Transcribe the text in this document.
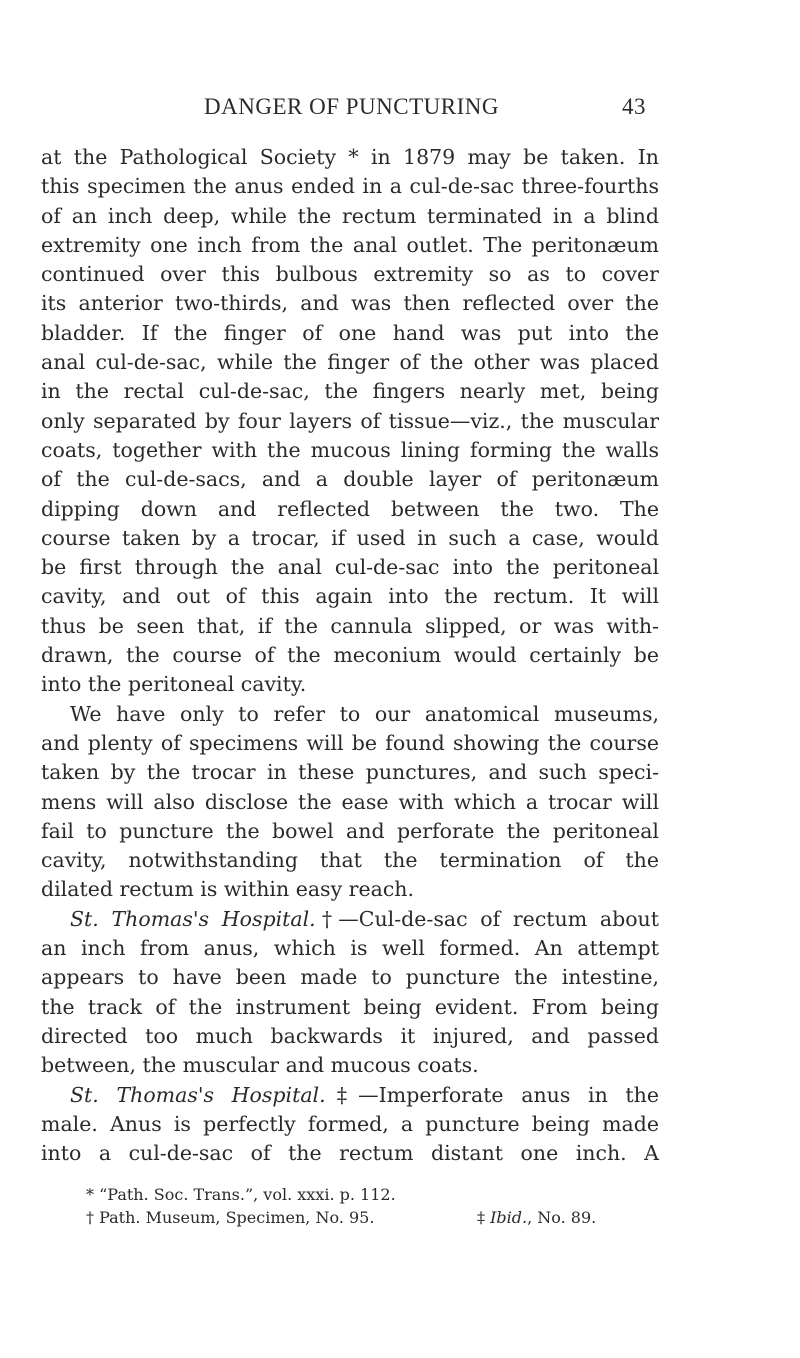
DANGER OF PUNCTURING	43
at the Pathological Society * in 1879 may be taken. In
this specimen the anus ended in a cul-de-sac three-fourths
of an inch deep, while the rectum terminated in a blind
extremity one inch from the anal outlet. The peritonæum
continued over this bulbous extremity so as to cover
its anterior two-thirds, and was then reflected over the
bladder. If the finger of one hand was put into the
anal cul-de-sac, while the finger of the other was placed
in the rectal cul-de-sac, the fingers nearly met, being
only separated by four layers of tissue—viz., the muscular
coats, together with the mucous lining forming the walls
of the cul-de-sacs, and a double layer of peritonæum
dipping down and reflected between the two. The
course taken by a trocar, if used in such a case, would
be first through the anal cul-de-sac into the peritoneal
cavity, and out of this again into the rectum. It will
thus be seen that, if the cannula slipped, or was with-
drawn, the course of the meconium would certainly be
into the peritoneal cavity.
We have only to refer to our anatomical museums,
and plenty of specimens will be found showing the course
taken by the trocar in these punctures, and such speci-
mens will also disclose the ease with which a trocar will
fail to puncture the bowel and perforate the peritoneal
cavity, notwithstanding that the termination of the
dilated rectum is within easy reach.
St. Thomas's Hospital.†—Cul-de-sac of rectum about
an inch from anus, which is well formed. An attempt
appears to have been made to puncture the intestine,
the track of the instrument being evident. From being
directed too much backwards it injured, and passed
between, the muscular and mucous coats.
St. Thomas's Hospital.‡—Imperforate anus in the
male. Anus is perfectly formed, a puncture being made
into a cul-de-sac of the rectum distant one inch. A
* “Path. Soc. Trans.”, vol. xxxi. p. 112.
† Path. Museum, Specimen, No. 95.	‡ Ibid., No. 89.
